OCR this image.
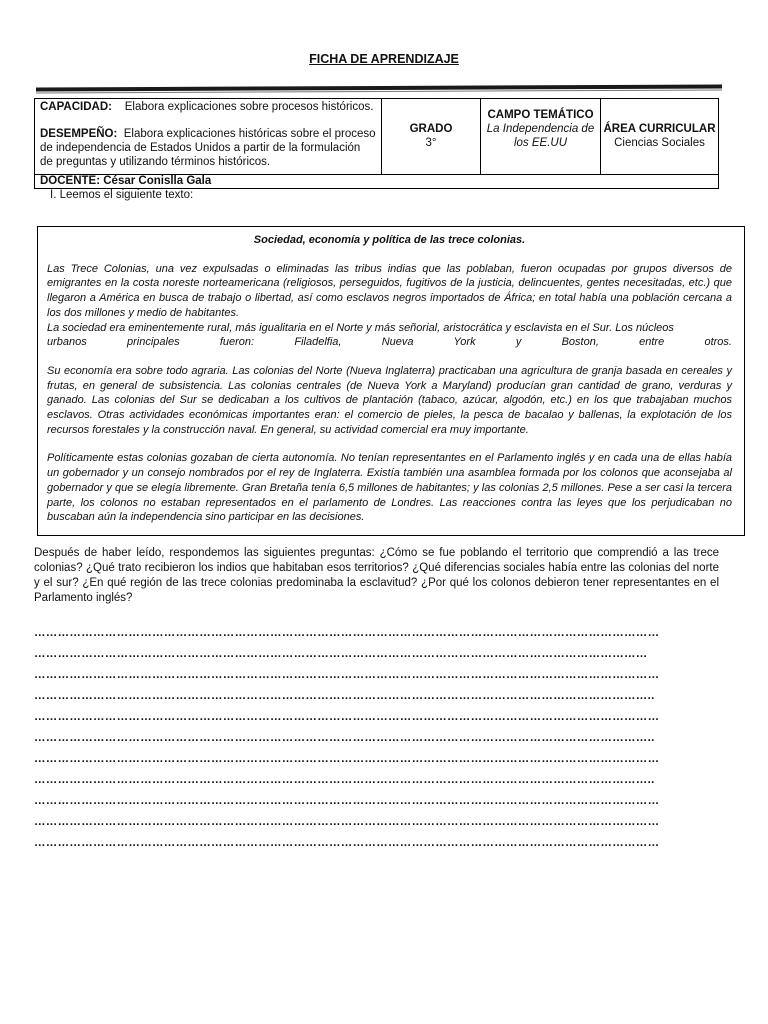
FICHA DE APRENDIZAJE
CAPACIDAD: Elabora explicaciones sobre procesos históricos.
DESEMPEÑO: Elabora explicaciones históricas sobre el proceso de independencia de Estados Unidos a partir de la formulación de preguntas y utilizando términos históricos.
GRADO
3°
CAMPO TEMÁTICO
La Independencia de los EE.UU
ÁREA CURRICULAR
Ciencias Sociales
DOCENTE: César Conislla Gala
I. Leemos el siguiente texto:
Sociedad, economía y política de las trece colonias.

Las Trece Colonias, una vez expulsadas o eliminadas las tribus indias que las poblaban, fueron ocupadas por grupos diversos de emigrantes en la costa noreste norteamericana (religiosos, perseguidos, fugitivos de la justicia, delincuentes, gentes necesitadas, etc.) que llegaron a América en busca de trabajo o libertad, así como esclavos negros importados de África; en total había una población cercana a los dos millones y medio de habitantes.

La sociedad era eminentemente rural, más igualitaria en el Norte y más señorial, aristocrática y esclavista en el Sur. Los núcleos

urbanos principales fueron: Filadelfia, Nueva York y Boston, entre otros.

Su economía era sobre todo agraria. Las colonias del Norte (Nueva Inglaterra) practicaban una agricultura de granja basada en cereales y frutas, en general de subsistencia. Las colonias centrales (de Nueva York a Maryland) producían gran cantidad de grano, verduras y ganado. Las colonias del Sur se dedicaban a los cultivos de plantación (tabaco, azúcar, algodón, etc.) en los que trabajaban muchos esclavos. Otras actividades económicas importantes eran: el comercio de pieles, la pesca de bacalao y ballenas, la explotación de los recursos forestales y la construcción naval. En general, su actividad comercial era muy importante.

Políticamente estas colonias gozaban de cierta autonomía. No tenían representantes en el Parlamento inglés y en cada una de ellas había un gobernador y un consejo nombrados por el rey de Inglaterra. Existía también una asamblea formada por los colonos que aconsejaba al gobernador y que se elegía libremente. Gran Bretaña tenía 6,5 millones de habitantes; y las colonias 2,5 millones. Pese a ser casi la tercera parte, los colonos no estaban representados en el parlamento de Londres. Las reacciones contra las leyes que los perjudicaban no buscaban aún la independencia sino participar en las decisiones.

Después de haber leído, respondemos las siguientes preguntas: ¿Cómo se fue poblando el territorio que comprendió a las trece colonias? ¿Qué trato recibieron los indios que habitaban esos territorios? ¿Qué diferencias sociales había entre las colonias del norte y el sur? ¿En qué región de las trece colonias predominaba la esclavitud? ¿Por qué los colonos debieron tener representantes en el Parlamento inglés?
……………………………………………………………………………………………………………………………………………
…………………………………………………………………………………………………………………………………………
……………………………………………………………………………………………………………………………………………
…………………………………………………………………………………………………………………………………………..
……………………………………………………………………………………………………………………………………………
…………………………………………………………………………………………………………………………………………..
……………………………………………………………………………………………………………………………………………
…………………………………………………………………………………………………………………………………………..
……………………………………………………………………………………………………………………………………………
……………………………………………………………………………………………………………………………………………
……………………………………………………………………………………………………………………………………………
